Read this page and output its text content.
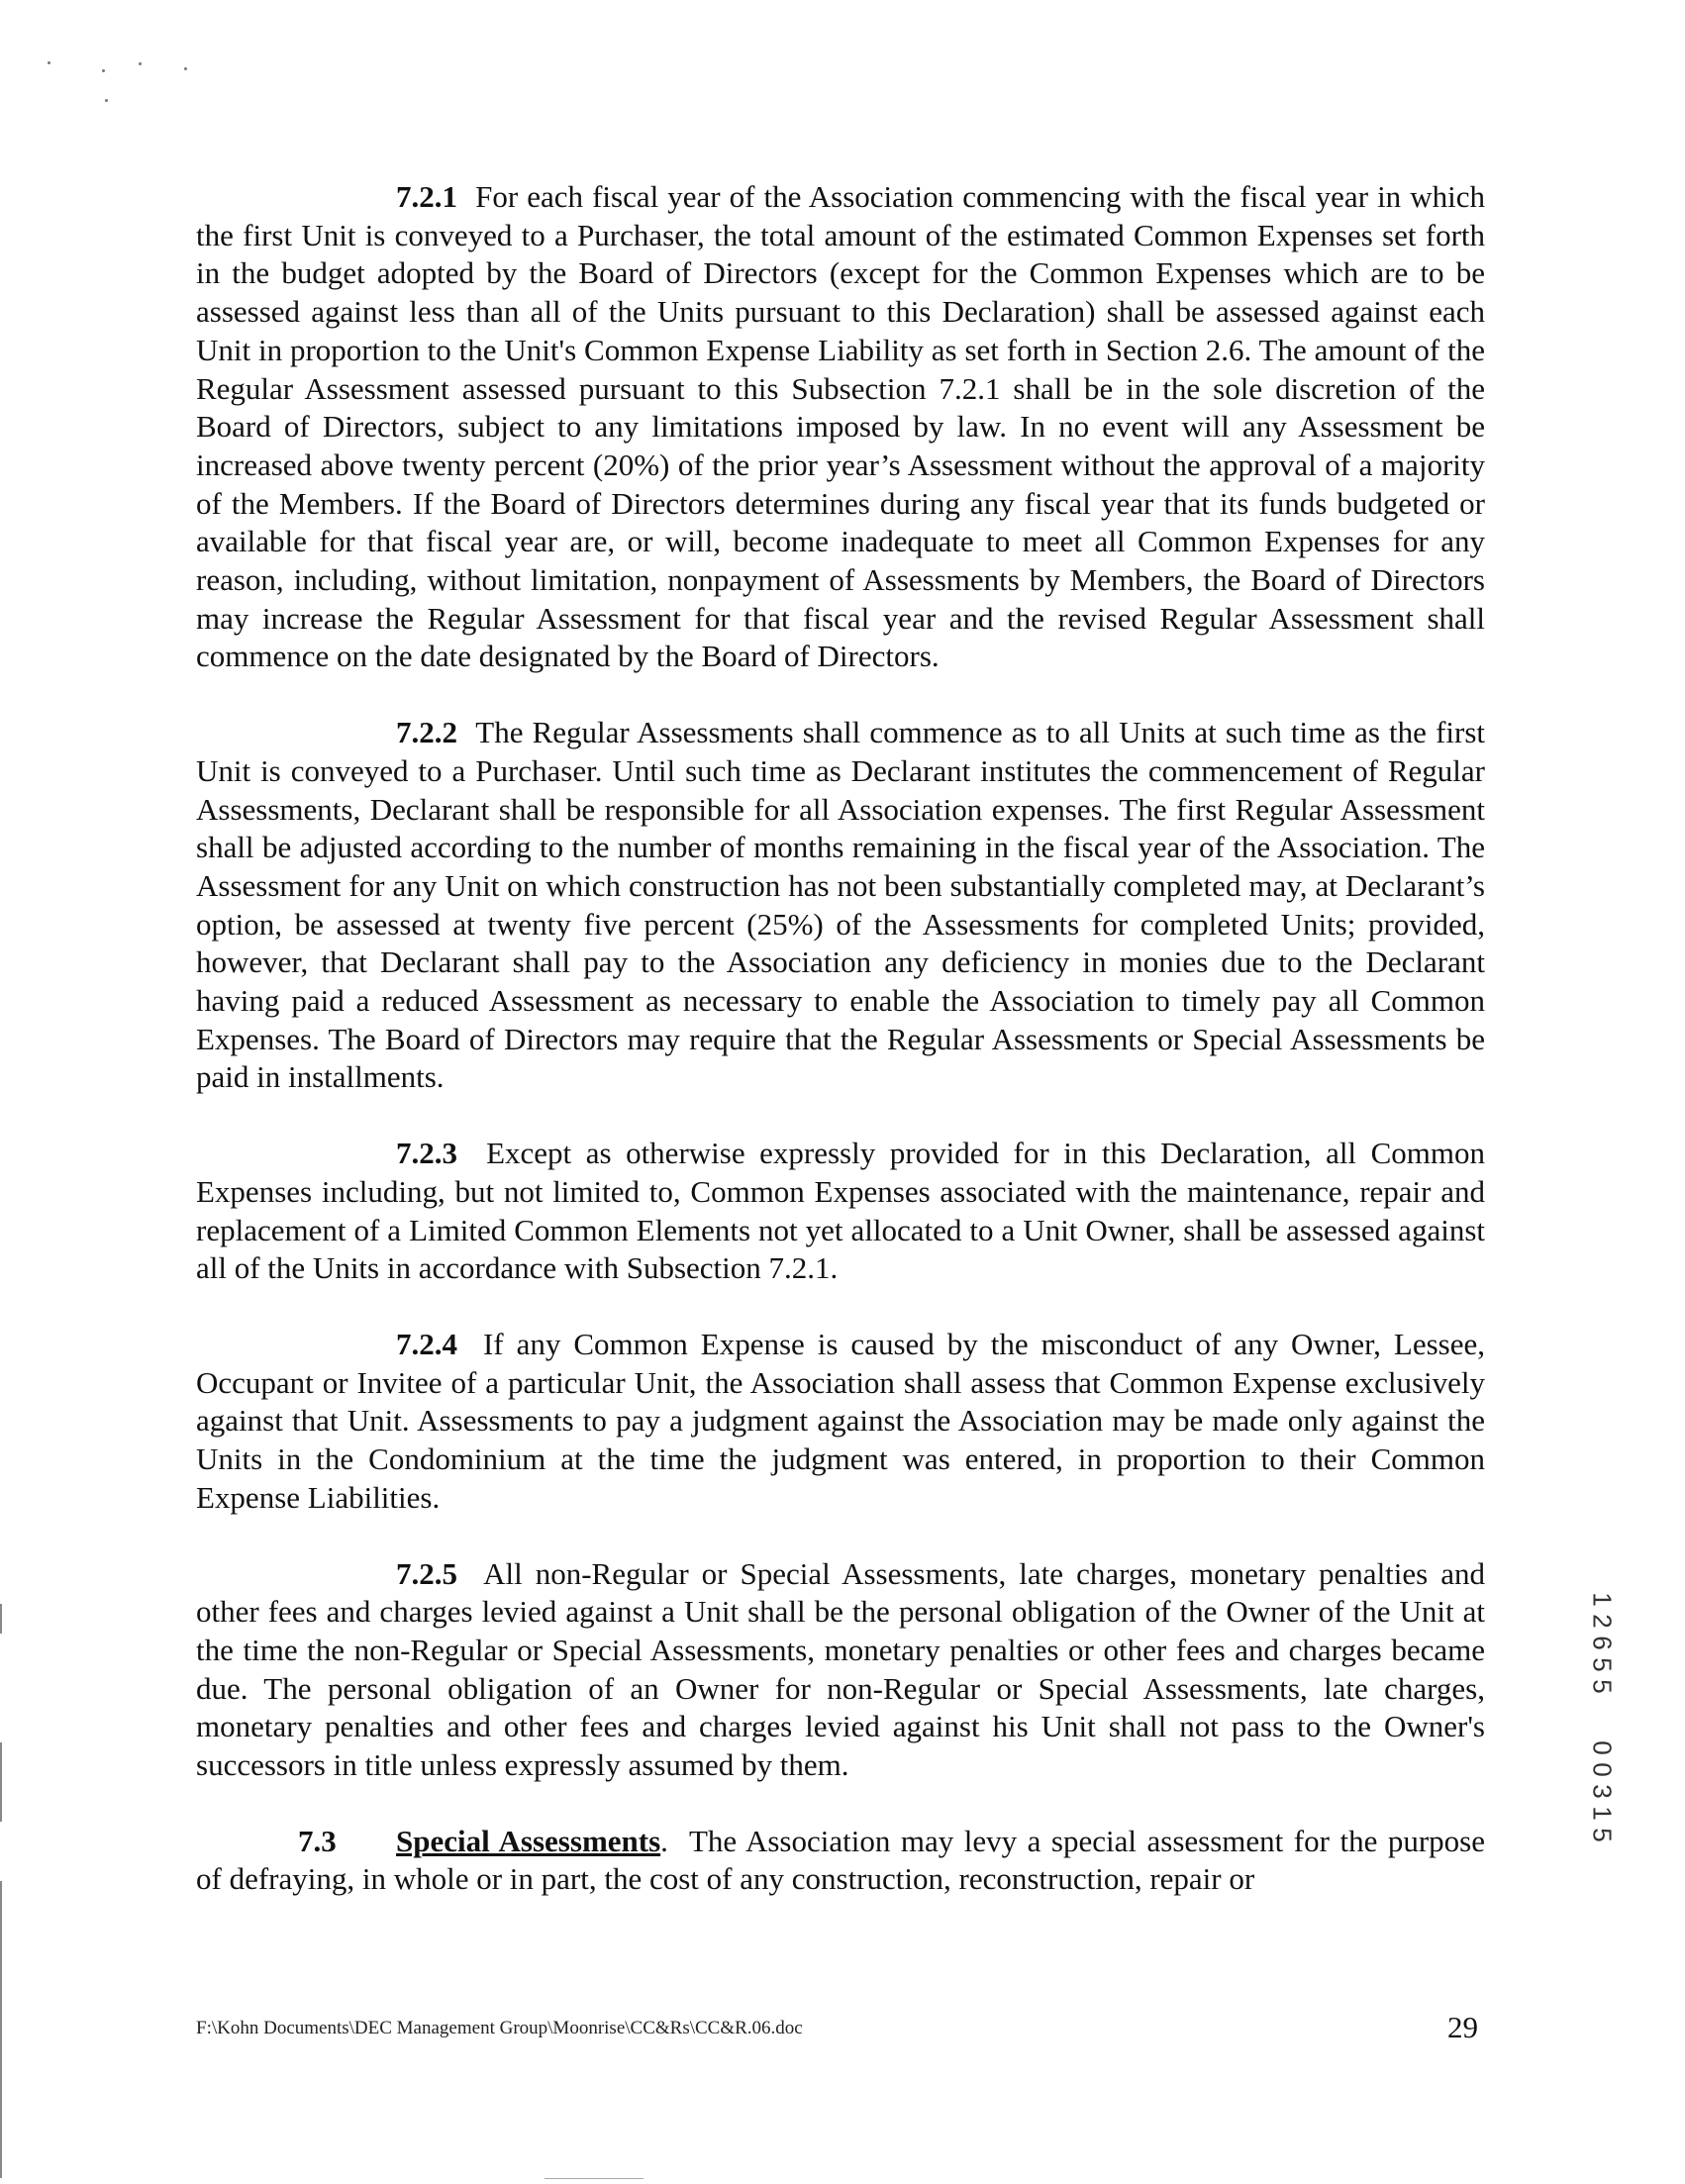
7.2.1 For each fiscal year of the Association commencing with the fiscal year in which the first Unit is conveyed to a Purchaser, the total amount of the estimated Common Expenses set forth in the budget adopted by the Board of Directors (except for the Common Expenses which are to be assessed against less than all of the Units pursuant to this Declaration) shall be assessed against each Unit in proportion to the Unit's Common Expense Liability as set forth in Section 2.6. The amount of the Regular Assessment assessed pursuant to this Subsection 7.2.1 shall be in the sole discretion of the Board of Directors, subject to any limitations imposed by law. In no event will any Assessment be increased above twenty percent (20%) of the prior year’s Assessment without the approval of a majority of the Members. If the Board of Directors determines during any fiscal year that its funds budgeted or available for that fiscal year are, or will, become inadequate to meet all Common Expenses for any reason, including, without limitation, nonpayment of Assessments by Members, the Board of Directors may increase the Regular Assessment for that fiscal year and the revised Regular Assessment shall commence on the date designated by the Board of Directors.

7.2.2 The Regular Assessments shall commence as to all Units at such time as the first Unit is conveyed to a Purchaser. Until such time as Declarant institutes the commencement of Regular Assessments, Declarant shall be responsible for all Association expenses. The first Regular Assessment shall be adjusted according to the number of months remaining in the fiscal year of the Association. The Assessment for any Unit on which construction has not been substantially completed may, at Declarant’s option, be assessed at twenty five percent (25%) of the Assessments for completed Units; provided, however, that Declarant shall pay to the Association any deficiency in monies due to the Declarant having paid a reduced Assessment as necessary to enable the Association to timely pay all Common Expenses. The Board of Directors may require that the Regular Assessments or Special Assessments be paid in installments.

7.2.3 Except as otherwise expressly provided for in this Declaration, all Common Expenses including, but not limited to, Common Expenses associated with the maintenance, repair and replacement of a Limited Common Elements not yet allocated to a Unit Owner, shall be assessed against all of the Units in accordance with Subsection 7.2.1.

7.2.4 If any Common Expense is caused by the misconduct of any Owner, Lessee, Occupant or Invitee of a particular Unit, the Association shall assess that Common Expense exclusively against that Unit. Assessments to pay a judgment against the Association may be made only against the Units in the Condominium at the time the judgment was entered, in proportion to their Common Expense Liabilities.

7.2.5 All non-Regular or Special Assessments, late charges, monetary penalties and other fees and charges levied against a Unit shall be the personal obligation of the Owner of the Unit at the time the non-Regular or Special Assessments, monetary penalties or other fees and charges became due. The personal obligation of an Owner for non-Regular or Special Assessments, late charges, monetary penalties and other fees and charges levied against his Unit shall not pass to the Owner's successors in title unless expressly assumed by them.

7.3 Special Assessments. The Association may levy a special assessment for the purpose of defraying, in whole or in part, the cost of any construction, reconstruction, repair or

1
2
6
5
5
0
0
3
1
5
F:\Kohn Documents\DEC Management Group\Moonrise\CC&Rs\CC&R.06.doc	29
